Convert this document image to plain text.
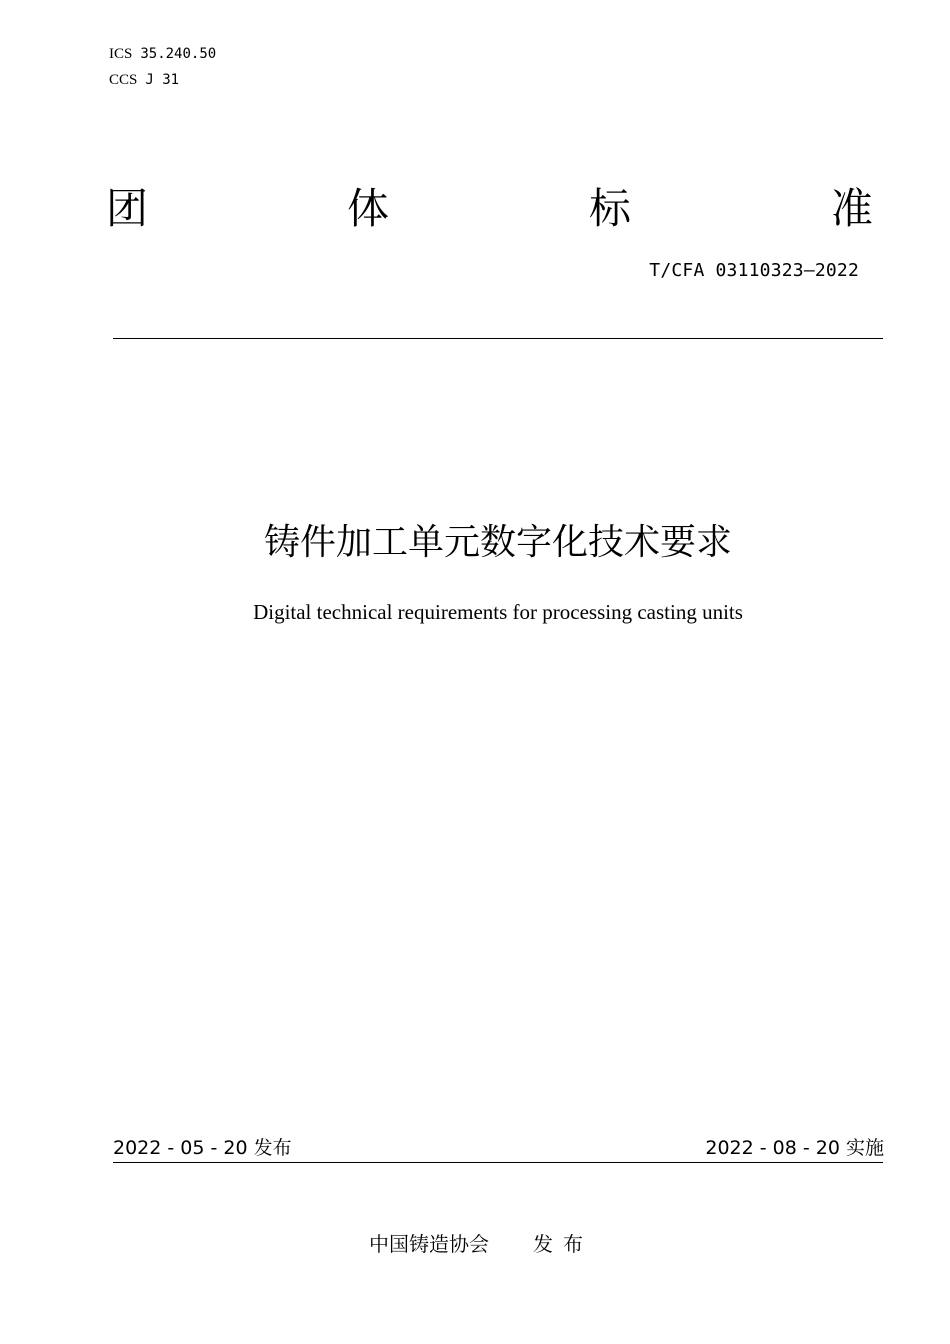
ICS 35.240.50
CCS J 31
团	体	标	准
T/CFA 03110323—2022
铸件加工单元数字化技术要求
Digital technical requirements for processing casting units
2022 - 05 - 20 发布	2022 - 08 - 20 实施
中国铸造协会 发布
